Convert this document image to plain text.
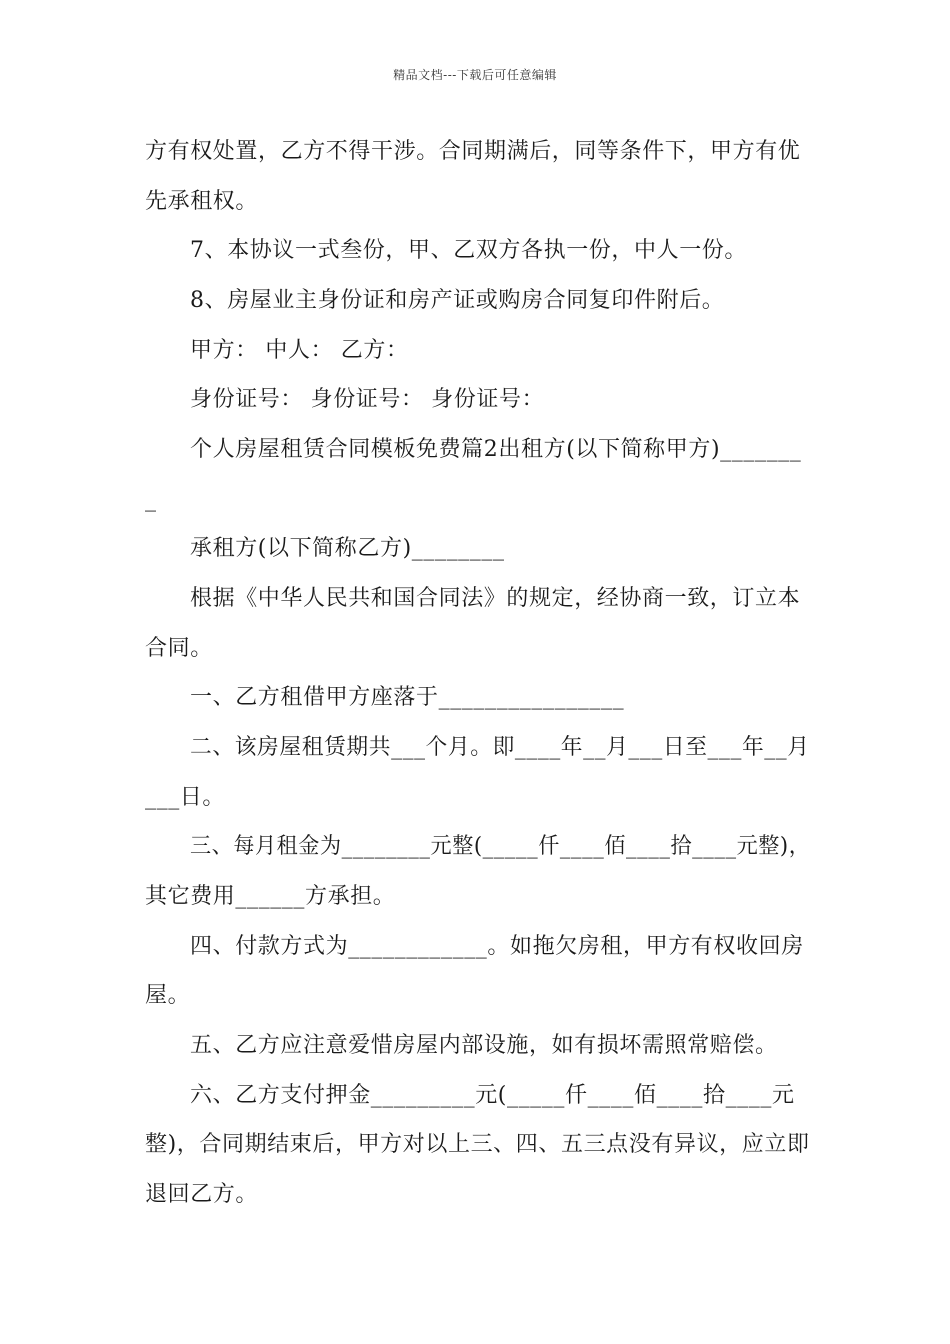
精品文档---下载后可任意编辑
方有权处置，乙方不得干涉。合同期满后，同等条件下，甲方有优
先承租权。
7、本协议一式叁份，甲、乙双方各执一份，中人一份。
8、房屋业主身份证和房产证或购房合同复印件附后。
甲方： 中人： 乙方：
身份证号： 身份证号： 身份证号：
个人房屋租赁合同模板免费篇2出租方(以下简称甲方)_______
_
承租方(以下简称乙方)________
根据《中华人民共和国合同法》的规定，经协商一致，订立本
合同。
一、乙方租借甲方座落于________________
二、该房屋租赁期共___个月。即____年__月___日至___年__月
___日。
三、每月租金为________元整(_____仟____佰____拾____元整)，
其它费用______方承担。
四、付款方式为____________。如拖欠房租，甲方有权收回房
屋。
五、乙方应注意爱惜房屋内部设施，如有损坏需照常赔偿。
六、乙方支付押金_________元(_____仟____佰____拾____元
整)，合同期结束后，甲方对以上三、四、五三点没有异议，应立即
退回乙方。
